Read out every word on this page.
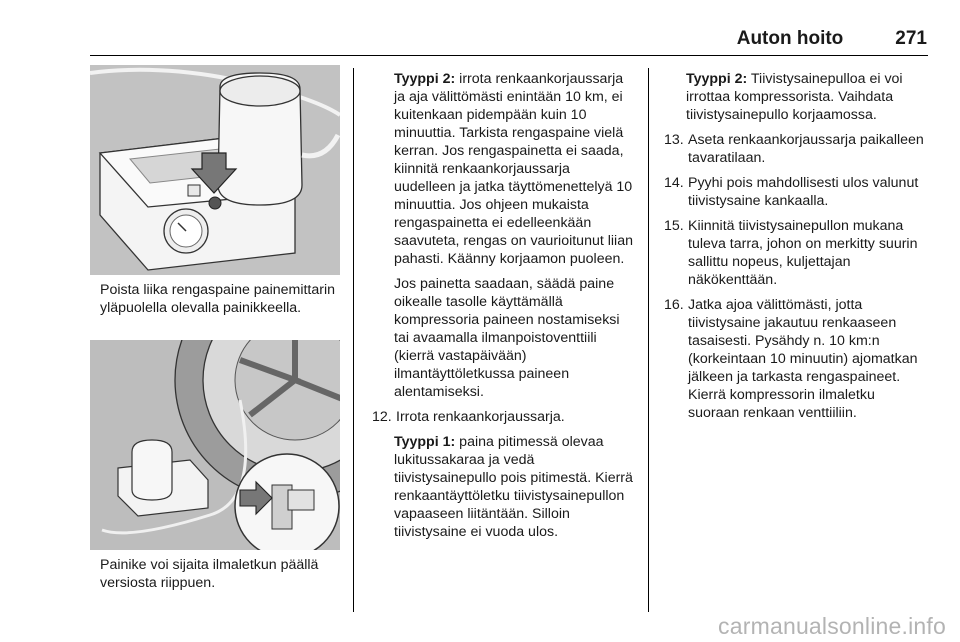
Auton hoito	271
Poista liika rengaspaine painemittarin yläpuolella olevalla painikkeella.
Painike voi sijaita ilmaletkun päällä versiosta riippuen.

Tyyppi 2: irrota renkaankorjaussarja ja aja välittömästi enintään 10 km, ei kuitenkaan pidempään kuin 10 minuuttia. Tarkista rengaspaine vielä kerran. Jos rengaspainetta ei saada, kiinnitä renkaankorjaussarja uudelleen ja jatka täyttömenettelyä 10 minuuttia. Jos ohjeen mukaista rengaspainetta ei edelleenkään saavuteta, rengas on vaurioitunut liian pahasti. Käänny korjaamon puoleen.

Jos painetta saadaan, säädä paine oikealle tasolle käyttämällä kompressoria paineen nostamiseksi tai avaamalla ilmanpoistoventtiili (kierrä vastapäivään) ilmantäyttöletkussa paineen alentamiseksi.

12. Irrota renkaankorjaussarja.

Tyyppi 1: paina pitimessä olevaa lukitussakaraa ja vedä tiivistysainepullo pois pitimestä. Kierrä renkaantäyttöletku tiivistysainepullon vapaaseen liitäntään. Silloin tiivistysaine ei vuoda ulos.

Tyyppi 2: Tiivistysainepulloa ei voi irrottaa kompressorista. Vaihdata tiivistysainepullo korjaamossa.

13. Aseta renkaankorjaussarja paikalleen tavaratilaan.
14. Pyyhi pois mahdollisesti ulos valunut tiivistysaine kankaalla.
15. Kiinnitä tiivistysainepullon mukana tuleva tarra, johon on merkitty suurin sallittu nopeus, kuljettajan näkökenttään.
16. Jatka ajoa välittömästi, jotta tiivistysaine jakautuu renkaaseen tasaisesti. Pysähdy n. 10 km:n (korkeintaan 10 minuutin) ajomatkan jälkeen ja tarkasta rengaspaineet. Kierrä kompressorin ilmaletku suoraan renkaan venttiiliin.
carmanualsonline.info
